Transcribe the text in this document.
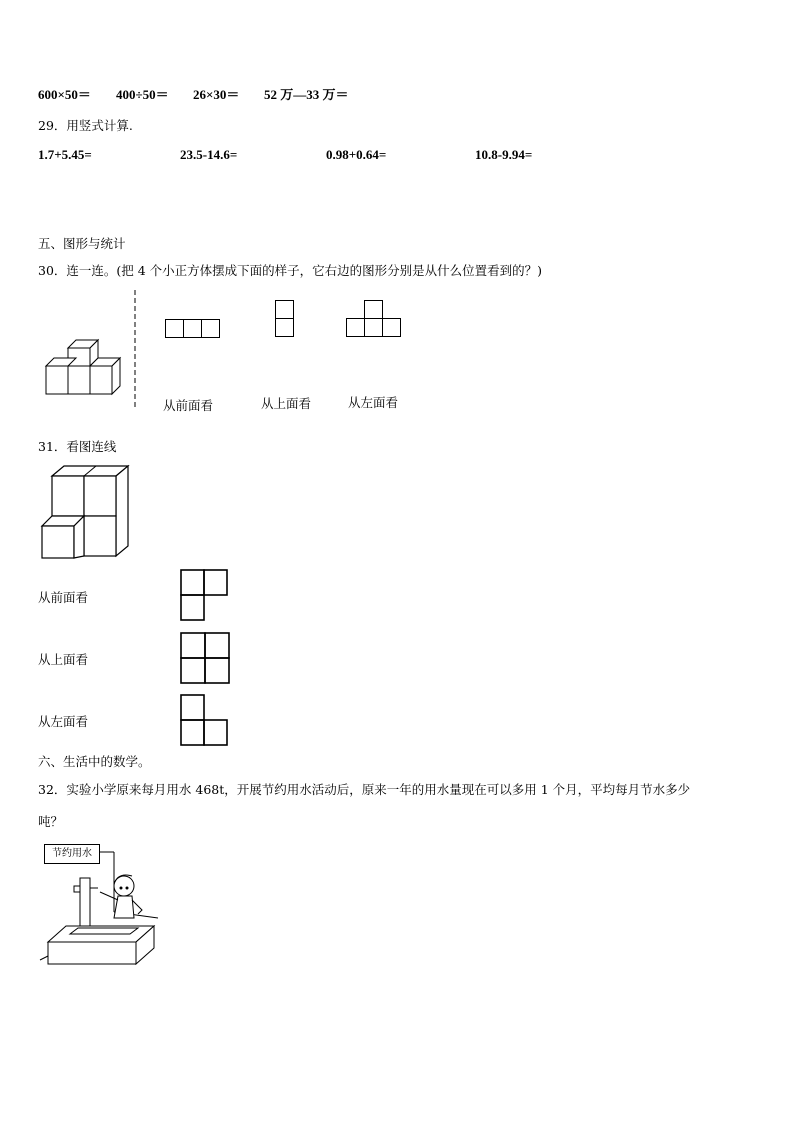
600×50＝ 400÷50＝ 26×30＝ 52 万—33 万＝
29．用竖式计算.
1.7+5.45=	23.5-14.6=	0.98+0.64=	10.8-9.94=
五、图形与统计
30．连一连。(把 4 个小正方体摆成下面的样子，它右边的图形分别是从什么位置看到的？)
从前面看	从上面看	从左面看
31．看图连线
从前面看
从上面看
从左面看
六、生活中的数学。
32．实验小学原来每月用水 468t，开展节约用水活动后，原来一年的用水量现在可以多用 1 个月，平均每月节水多少
吨？
节约用水
